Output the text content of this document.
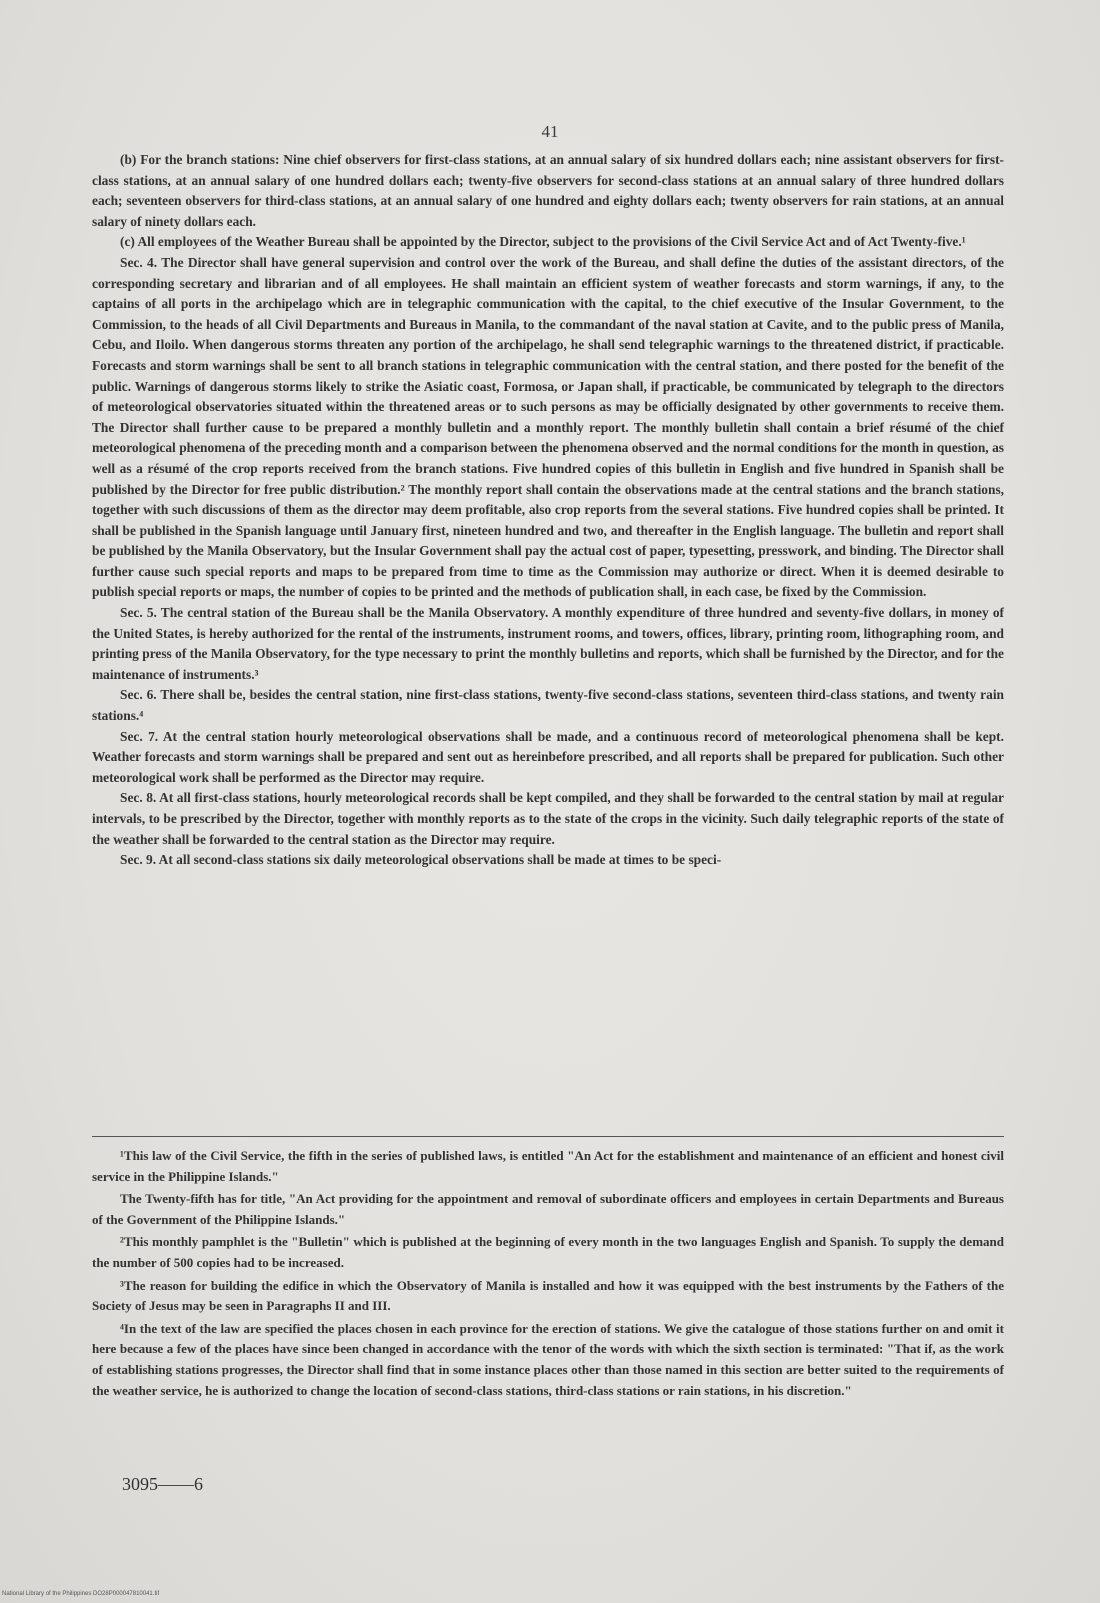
41

(b) For the branch stations: Nine chief observers for first-class stations, at an annual salary of six hundred dollars each; nine assistant observers for first-class stations, at an annual salary of one hundred dollars each; twenty-five observers for second-class stations at an annual salary of three hundred dollars each; seventeen observers for third-class stations, at an annual salary of one hundred and eighty dollars each; twenty observers for rain stations, at an annual salary of ninety dollars each.

(c) All employees of the Weather Bureau shall be appointed by the Director, subject to the provisions of the Civil Service Act and of Act Twenty-five.¹

Sec. 4. The Director shall have general supervision and control over the work of the Bureau, and shall define the duties of the assistant directors, of the corresponding secretary and librarian and of all employees. He shall maintain an efficient system of weather forecasts and storm warnings, if any, to the captains of all ports in the archipelago which are in telegraphic communication with the capital, to the chief executive of the Insular Government, to the Commission, to the heads of all Civil Departments and Bureaus in Manila, to the commandant of the naval station at Cavite, and to the public press of Manila, Cebu, and Iloilo. When dangerous storms threaten any portion of the archipelago, he shall send telegraphic warnings to the threatened district, if practicable. Forecasts and storm warnings shall be sent to all branch stations in telegraphic communication with the central station, and there posted for the benefit of the public. Warnings of dangerous storms likely to strike the Asiatic coast, Formosa, or Japan shall, if practicable, be communicated by telegraph to the directors of meteorological observatories situated within the threatened areas or to such persons as may be officially designated by other governments to receive them. The Director shall further cause to be prepared a monthly bulletin and a monthly report. The monthly bulletin shall contain a brief résumé of the chief meteorological phenomena of the preceding month and a comparison between the phenomena observed and the normal conditions for the month in question, as well as a résumé of the crop reports received from the branch stations. Five hundred copies of this bulletin in English and five hundred in Spanish shall be published by the Director for free public distribution.² The monthly report shall contain the observations made at the central stations and the branch stations, together with such discussions of them as the director may deem profitable, also crop reports from the several stations. Five hundred copies shall be printed. It shall be published in the Spanish language until January first, nineteen hundred and two, and thereafter in the English language. The bulletin and report shall be published by the Manila Observatory, but the Insular Government shall pay the actual cost of paper, typesetting, presswork, and binding. The Director shall further cause such special reports and maps to be prepared from time to time as the Commission may authorize or direct. When it is deemed desirable to publish special reports or maps, the number of copies to be printed and the methods of publication shall, in each case, be fixed by the Commission.

Sec. 5. The central station of the Bureau shall be the Manila Observatory. A monthly expenditure of three hundred and seventy-five dollars, in money of the United States, is hereby authorized for the rental of the instruments, instrument rooms, and towers, offices, library, printing room, lithographing room, and printing press of the Manila Observatory, for the type necessary to print the monthly bulletins and reports, which shall be furnished by the Director, and for the maintenance of instruments.³

Sec. 6. There shall be, besides the central station, nine first-class stations, twenty-five second-class stations, seventeen third-class stations, and twenty rain stations.⁴

Sec. 7. At the central station hourly meteorological observations shall be made, and a continuous record of meteorological phenomena shall be kept. Weather forecasts and storm warnings shall be prepared and sent out as hereinbefore prescribed, and all reports shall be prepared for publication. Such other meteorological work shall be performed as the Director may require.

Sec. 8. At all first-class stations, hourly meteorological records shall be kept compiled, and they shall be forwarded to the central station by mail at regular intervals, to be prescribed by the Director, together with monthly reports as to the state of the crops in the vicinity. Such daily telegraphic reports of the state of the weather shall be forwarded to the central station as the Director may require.

Sec. 9. At all second-class stations six daily meteorological observations shall be made at times to be speci-

¹This law of the Civil Service, the fifth in the series of published laws, is entitled "An Act for the establishment and maintenance of an efficient and honest civil service in the Philippine Islands."

The Twenty-fifth has for title, "An Act providing for the appointment and removal of subordinate officers and employees in certain Departments and Bureaus of the Government of the Philippine Islands."

²This monthly pamphlet is the "Bulletin" which is published at the beginning of every month in the two languages English and Spanish. To supply the demand the number of 500 copies had to be increased.

³The reason for building the edifice in which the Observatory of Manila is installed and how it was equipped with the best instruments by the Fathers of the Society of Jesus may be seen in Paragraphs II and III.

⁴In the text of the law are specified the places chosen in each province for the erection of stations. We give the catalogue of those stations further on and omit it here because a few of the places have since been changed in accordance with the tenor of the words with which the sixth section is terminated: "That if, as the work of establishing stations progresses, the Director shall find that in some instance places other than those named in this section are better suited to the requirements of the weather service, he is authorized to change the location of second-class stations, third-class stations or rain stations, in his discretion."

3095——6
National Library of the Philippines DO28P000047810041.tif
